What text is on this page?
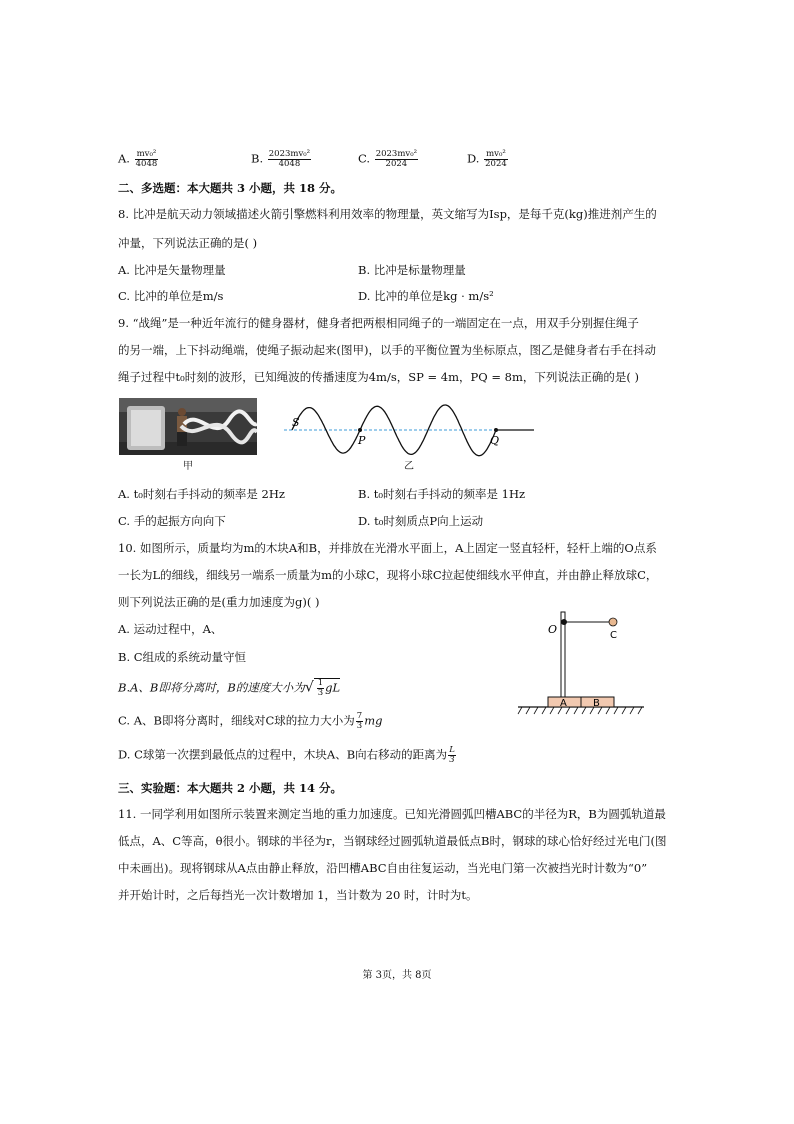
A. $\frac{\text{mv₀²}}{4048}$	B. $\frac{\text{2023mv₀²}}{4048}$	C. $\frac{\text{2023mv₀²}}{2024}$	D. $\frac{\text{mv₀²}}{2024}$
二、多选题：本大题共 3 小题，共 18 分。
8. 比冲是航天动力领域描述火箭引擎燃料利用效率的物理量，英文缩写为Isp，是每千克(kg)推进剂产生的
冲量，下列说法正确的是( )
A. 比冲是矢量物理量	B. 比冲是标量物理量
C. 比冲的单位是m/s	D. 比冲的单位是kg · m/s²
9. “战绳”是一种近年流行的健身器材，健身者把两根相同绳子的一端固定在一点，用双手分别握住绳子
的另一端，上下抖动绳端，使绳子振动起来(图甲)，以手的平衡位置为坐标原点，图乙是健身者右手在抖动
绳子过程中t₀时刻的波形，已知绳波的传播速度为4m/s，SP = 4m，PQ = 8m，下列说法正确的是( )
甲
S
P	Q
乙
A. t₀时刻右手抖动的频率是 2Hz	B. t₀时刻右手抖动的频率是 1Hz
C. 手的起振方向向下	D. t₀时刻质点P向上运动
10. 如图所示，质量均为m的木块A和B，并排放在光滑水平面上，A上固定一竖直轻杆，轻杆上端的O点系
一长为L的细线，细线另一端系一质量为m的小球C，现将小球C拉起使细线水平伸直，并由静止释放球C，
则下列说法正确的是(重力加速度为g)( )
A. 运动过程中，A、
B. C组成的系统动量守恒
B.A、B即将分离时，B的速度大小为√ $\frac{1}{3}$ gL
C. A、B即将分离时，细线对C球的拉力大小为 $\frac{7}{3}$ mg
D. C球第一次摆到最低点的过程中，木块A、B向右移动的距离为 $\frac{L}{3}$
O	C
A	B
三、实验题：本大题共 2 小题，共 14 分。
11. 一同学利用如图所示装置来测定当地的重力加速度。已知光滑圆弧凹槽ABC的半径为R，B为圆弧轨道最
低点，A、C等高，θ很小。钢球的半径为r，当钢球经过圆弧轨道最低点B时，钢球的球心恰好经过光电门(图
中未画出)。现将钢球从A点由静止释放，沿凹槽ABC自由往复运动，当光电门第一次被挡光时计数为“0”
并开始计时，之后每挡光一次计数增加 1，当计数为 20 时，计时为t。
第 3页，共 8页
